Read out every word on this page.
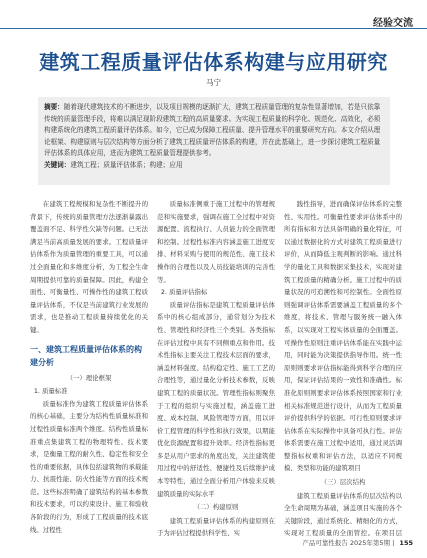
经验交流
建筑工程质量评估体系构建与应用研究
马宁
摘要：随着现代建筑技术的不断进步，以及项目规模的逐渐扩大，建筑工程质量管理的复杂性显著增加，若是只依靠传统的质量管理手段，将难以满足现阶段建筑工程的高质量要求。为实现工程质量的科学化、规范化、高效化，必须构建系统化的建筑工程质量评估体系。如今，它已成为保障工程质量、提升管理水平的重要研究方向。本文介绍从理论框架、构建原则与层次结构等方面分析了建筑工程质量评估体系的构建，并在此基础上，进一步探讨建筑工程质量评估体系的具体应用，进而为建筑工程质量管理提供参考。
关键词：建筑工程；质量评估体系；构建；应用

在建筑工程规模和复杂性不断提升的背景下，传统的质量管理方法逐渐暴露出覆盖面不足、科学性欠缺等问题。已无法满足当前高质量发展的要求。工程质量评估体系作为质量管理的重要工具，可以通过全面量化和多维度分析，为工程全生命周期提供可靠的质量保障。因此，构建全面性、可衡量性、可操作性的建筑工程质量评估体系，不仅是当前建筑行业发展的需求，也是推动工程质量持续优化的关键。

一、建筑工程质量评估体系的构建分析
（一）理论框架
1. 质量标准

质量标准作为建筑工程质量评估体系的核心基础，主要分为结构性质量标准和过程性质量标准两个维度。结构性质量标准重点集建筑工程的物理特性、技术要求，是衡量工程的耐久性、稳定性和安全性的重要依据，具体包括建筑物的承载能力、抗震性能、防火性能等方面的技术规范。这些标准明确了建筑结构的基本参数和技术要求，可以约束设计、施工和验收各阶段的行为，形成了工程质量的技术底线。过程性

质量标准侧重于施工过程中的管理规范和实施要求，强调在施工全过程中对资源配置、流程执行、人员能力的全面管理和控制。过程性标准内容涵盖施工进度安排、材料采购与使用的规范性、施工技术操作的合理性以及人员技能培训的完善性等。

2. 质量评估指标

质量评估指标是建筑工程质量评估体系中的核心组成部分，通常划分为技术性、管理性和经济性三个类别。各类指标在评估过程中具有不同侧重点和作用。技术性指标主要关注工程技术层面的要求，涵盖材料强度、结构稳定性、施工工艺的合理性等，通过量化分析技术参数，反映建筑工程的质量状况。管理性指标则聚焦于工程的组织与实施过程，涵盖施工进度、成本控制、风险管理等方面，用以评价工程管理的科学性和执行效果，以期能优化资源配置和提升效率。经济性指标更多是从用户需求的角度出发，关注建筑使用过程中的舒适性、便捷性及后续维护成本等特性，通过全面分析用户体验来反映建筑质量的实际水平

（二）构建原则

建筑工程质量评估体系的构建原则在于为评估过程提供科学性、实

践性指导，进而确保评估体系的完整性、实用性。可衡量性要求评估体系中的所有指标和方法具备明确的量化特征，可以通过数据化的方式对建筑工程质量进行评价，从而降低主观判断的影响。通过科学的量化工具和数据采集技术，实现对建筑工程质量的精确分析。施工过程中的质量状况的可追溯性和可控制性。全面性原则强调评估体系需要涵盖工程质量的多个维度，将技术、管理与服务统一融入体系，以实现对工程实体质量的全面覆盖。可操作性原则注重评估体系能在实践中运用，同时能为决策提供指导作用。统一性原则则要求评估指标能得到科学合理的应用，保证评估结果的一致性和准确性。标准化原则则要求评估体系按照国家和行业相关标准规范进行设计，从而为工程质量评价提供科学的依据。可行性原则要求评估体系在实际操作中具备可执行性。评估体系需要在施工过程中适用，通过灵活调整指标权重和评估方法，以适应不同规模、类型和功能的建筑项目

（三）层次结构

建筑工程质量评估体系的层次结构以全生命周期为基础，涵盖项目实施的各个关键阶段，通过系统化、精细化的方式，实现对工程质量的全面管控。在项目层

产品可靠性报告 2025年第5期 | 155
